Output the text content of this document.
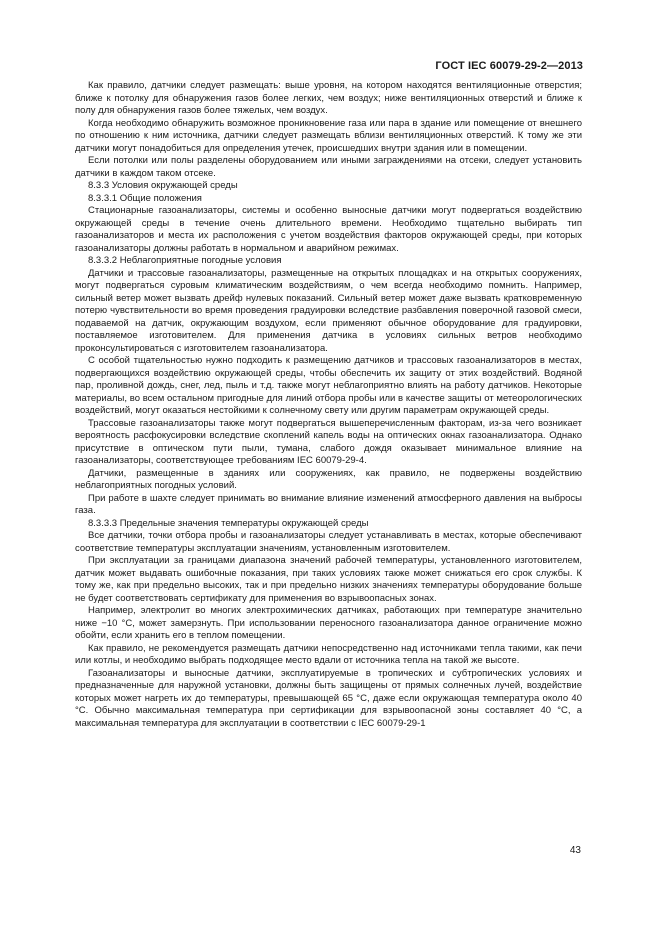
ГОСТ IEC 60079-29-2—2013

Как правило, датчики следует размещать: выше уровня, на котором находятся вентиляционные отверстия; ближе к потолку для обнаружения газов более легких, чем воздух; ниже вентиляционных отверстий и ближе к полу для обнаружения газов более тяжелых, чем воздух.

Когда необходимо обнаружить возможное проникновение газа или пара в здание или помещение от внешнего по отношению к ним источника, датчики следует размещать вблизи вентиляционных отверстий. К тому же эти датчики могут понадобиться для определения утечек, происшедших внутри здания или в помещении.

Если потолки или полы разделены оборудованием или иными заграждениями на отсеки, следует установить датчики в каждом таком отсеке.

8.3.3 Условия окружающей среды

8.3.3.1 Общие положения

Стационарные газоанализаторы, системы и особенно выносные датчики могут подвергаться воздействию окружающей среды в течение очень длительного времени. Необходимо тщательно выбирать тип газоанализаторов и места их расположения с учетом воздействия факторов окружающей среды, при которых газоанализаторы должны работать в нормальном и аварийном режимах.

8.3.3.2 Неблагоприятные погодные условия

Датчики и трассовые газоанализаторы, размещенные на открытых площадках и на открытых сооружениях, могут подвергаться суровым климатическим воздействиям, о чем всегда необходимо помнить. Например, сильный ветер может вызвать дрейф нулевых показаний. Сильный ветер может даже вызвать кратковременную потерю чувствительности во время проведения градуировки вследствие разбавления поверочной газовой смеси, подаваемой на датчик, окружающим воздухом, если применяют обычное оборудование для градуировки, поставляемое изготовителем. Для применения датчика в условиях сильных ветров необходимо проконсультироваться с изготовителем газоанализатора.

С особой тщательностью нужно подходить к размещению датчиков и трассовых газоанализаторов в местах, подвергающихся воздействию окружающей среды, чтобы обеспечить их защиту от этих воздействий. Водяной пар, проливной дождь, снег, лед, пыль и т.д. также могут неблагоприятно влиять на работу датчиков. Некоторые материалы, во всем остальном пригодные для линий отбора пробы или в качестве защиты от метеорологических воздействий, могут оказаться нестойкими к солнечному свету или другим параметрам окружающей среды.

Трассовые газоанализаторы также могут подвергаться вышеперечисленным факторам, из-за чего возникает вероятность расфокусировки вследствие скоплений капель воды на оптических окнах газоанализатора. Однако присутствие в оптическом пути пыли, тумана, слабого дождя оказывает минимальное влияние на газоанализаторы, соответствующее требованиям IEC 60079-29-4.

Датчики, размещенные в зданиях или сооружениях, как правило, не подвержены воздействию неблагоприятных погодных условий.

При работе в шахте следует принимать во внимание влияние изменений атмосферного давления на выбросы газа.

8.3.3.3 Предельные значения температуры окружающей среды

Все датчики, точки отбора пробы и газоанализаторы следует устанавливать в местах, которые обеспечивают соответствие температуры эксплуатации значениям, установленным изготовителем.

При эксплуатации за границами диапазона значений рабочей температуры, установленного изготовителем, датчик может выдавать ошибочные показания, при таких условиях также может снижаться его срок службы. К тому же, как при предельно высоких, так и при предельно низких значениях температуры оборудование больше не будет соответствовать сертификату для применения во взрывоопасных зонах.

Например, электролит во многих электрохимических датчиках, работающих при температуре значительно ниже −10 °С, может замерзнуть. При использовании переносного газоанализатора данное ограничение можно обойти, если хранить его в теплом помещении.

Как правило, не рекомендуется размещать датчики непосредственно над источниками тепла такими, как печи или котлы, и необходимо выбрать подходящее место вдали от источника тепла на такой же высоте.

Газоанализаторы и выносные датчики, эксплуатируемые в тропических и субтропических условиях и предназначенные для наружной установки, должны быть защищены от прямых солнечных лучей, воздействие которых может нагреть их до температуры, превышающей 65 °С, даже если окружающая температура около 40 °С. Обычно максимальная температура при сертификации для взрывоопасной зоны составляет 40 °С, а максимальная температура для эксплуатации в соответствии с IEC 60079-29-1

43
